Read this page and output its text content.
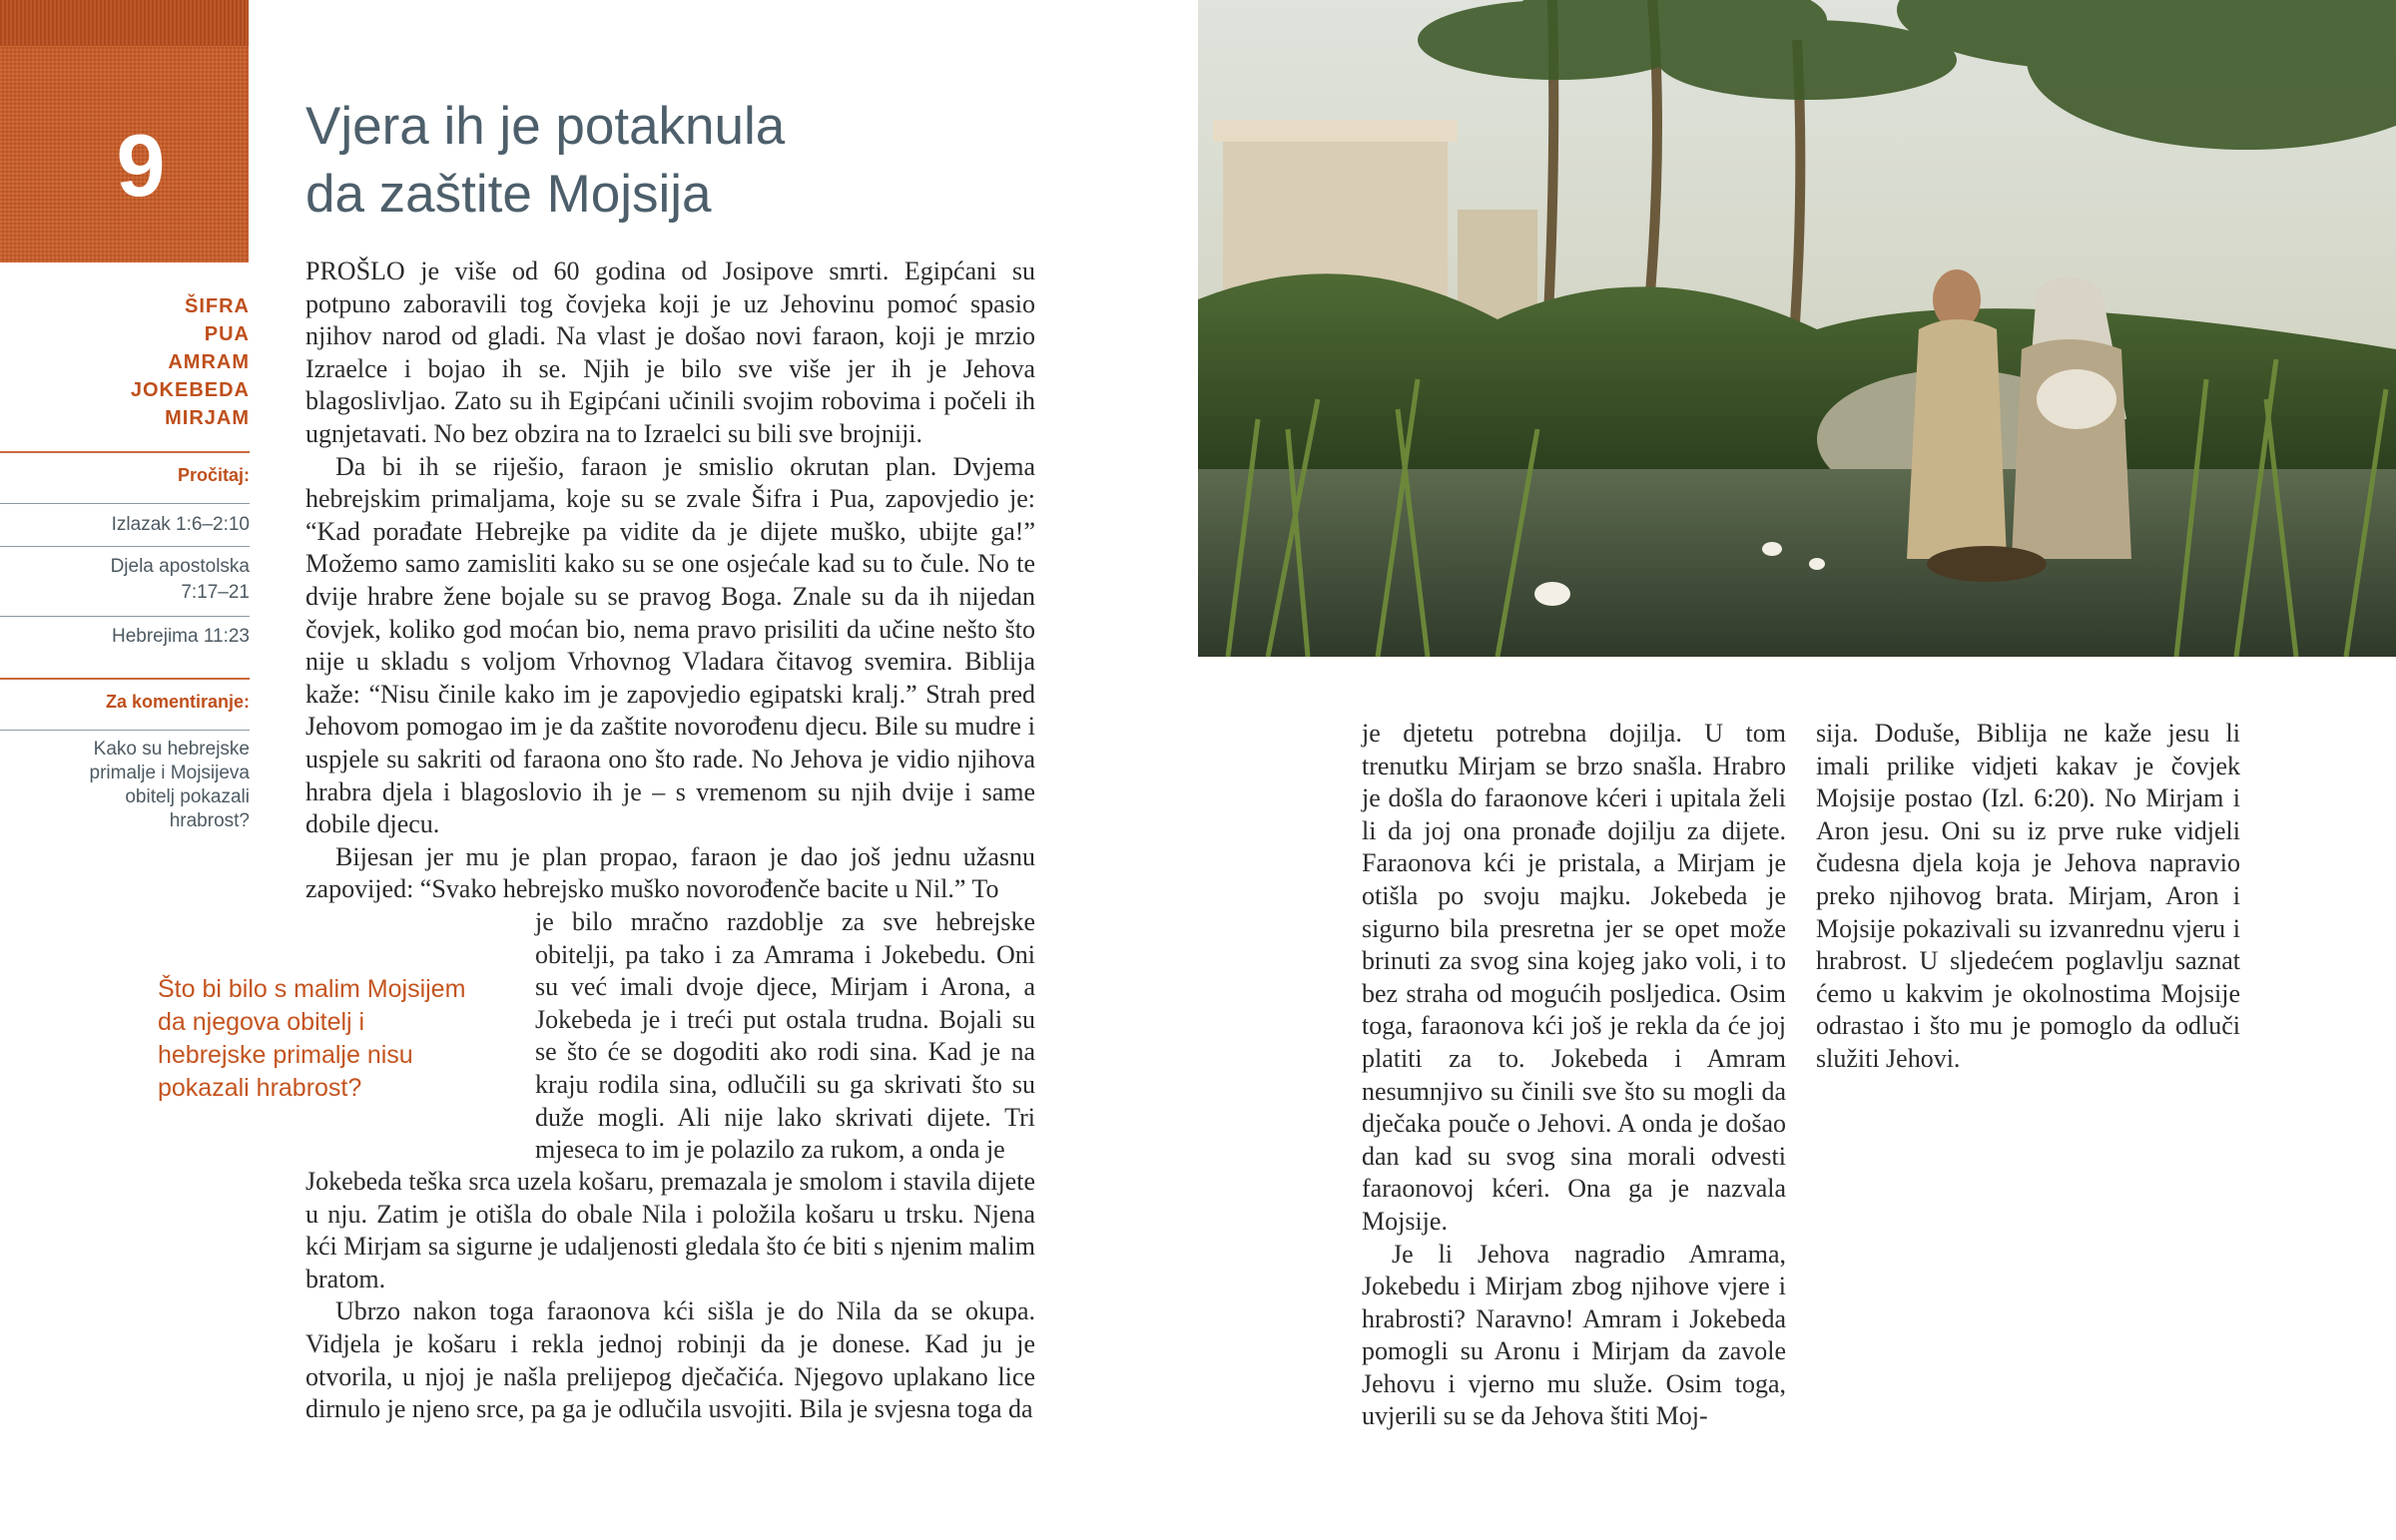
9	Vjera ih je potaknula
da zaštite Mojsija
ŠIFRA
PUA
AMRAM
JOKEBEDA
MIRJAM
Pročitaj:
Izlazak 1:6–2:10
Djela apostolska 7:17–21
Hebrejima 11:23
Za komentiranje:
Kako su hebrejske primalje i Mojsijeva obitelj pokazali hrabrost?
Što bi bilo s malim Mojsijem da njegova obitelj i hebrejske primalje nisu pokazali hrabrost?

PROŠLO je više od 60 godina od Josipove smrti. Egipćani su potpuno zaboravili tog čovjeka koji je uz Jehovinu pomoć spasio njihov narod od gladi. Na vlast je došao novi faraon, koji je mrzio Izraelce i bojao ih se. Njih je bilo sve više jer ih je Jehova blagoslivljao. Zato su ih Egipćani učinili svojim robovima i počeli ih ugnjetavati. No bez obzira na to Izraelci su bili sve brojniji.

Da bi ih se riješio, faraon je smislio okrutan plan. Dvjema hebrejskim primaljama, koje su se zvale Šifra i Pua, zapovjedio je: “Kad porađate Hebrejke pa vidite da je dijete muško, ubijte ga!” Možemo samo zamisliti kako su se one osjećale kad su to čule. No te dvije hrabre žene bojale su se pravog Boga. Znale su da ih nijedan čovjek, koliko god moćan bio, nema pravo prisiliti da učine nešto što nije u skladu s voljom Vrhovnog Vladara čitavog svemira. Biblija kaže: “Nisu činile kako im je zapovjedio egipatski kralj.” Strah pred Jehovom pomogao im je da zaštite novorođenu djecu. Bile su mudre i uspjele su sakriti od faraona ono što rade. No Jehova je vidio njihova hrabra djela i blagoslovio ih je – s vremenom su njih dvije i same dobile djecu.

Bijesan jer mu je plan propao, faraon je dao još jednu užasnu zapovijed: “Svako hebrejsko muško novorođenče bacite u Nil.” To

je bilo mračno razdoblje za sve hebrejske obitelji, pa tako i za Amrama i Jokebedu. Oni su već imali dvoje djece, Mirjam i Arona, a Jokebeda je i treći put ostala trudna. Bojali su se što će se dogoditi ako rodi sina. Kad je na kraju rodila sina, odlučili su ga skrivati što su duže mogli. Ali nije lako skrivati dijete. Tri mjeseca to im je polazilo za rukom, a onda je

Jokebeda teška srca uzela košaru, premazala je smolom i stavila dijete u nju. Zatim je otišla do obale Nila i položila košaru u trsku. Njena kći Mirjam sa sigurne je udaljenosti gledala što će biti s njenim malim bratom.

Ubrzo nakon toga faraonova kći sišla je do Nila da se okupa. Vidjela je košaru i rekla jednoj robinji da je donese. Kad ju je otvorila, u njoj je našla prelijepog dječačića. Njegovo uplakano lice dirnulo je njeno srce, pa ga je odlučila usvojiti. Bila je svjesna toga da

je djetetu potrebna dojilja. U tom trenutku Mirjam se brzo snašla. Hrabro je došla do faraonove kćeri i upitala želi li da joj ona pronađe dojilju za dijete. Faraonova kći je pristala, a Mirjam je otišla po svoju majku. Jokebeda je sigurno bila presretna jer se opet može brinuti za svog sina kojeg jako voli, i to bez straha od mogućih posljedica. Osim toga, faraonova kći još je rekla da će joj platiti za to. Jokebeda i Amram nesumnjivo su činili sve što su mogli da dječaka pouče o Jehovi. A onda je došao dan kad su svog sina morali odvesti faraonovoj kćeri. Ona ga je nazvala Mojsije.

Je li Jehova nagradio Amrama, Jokebedu i Mirjam zbog njihove vjere i hrabrosti? Naravno! Amram i Jokebeda pomogli su Aronu i Mirjam da zavole Jehovu i vjerno mu služe. Osim toga, uvjerili su se da Jehova štiti Moj-

sija. Doduše, Biblija ne kaže jesu li imali prilike vidjeti kakav je čovjek Mojsije postao (Izl. 6:20). No Mirjam i Aron jesu. Oni su iz prve ruke vidjeli čudesna djela koja je Jehova napravio preko njihovog brata. Mirjam, Aron i Mojsije pokazivali su izvanrednu vjeru i hrabrost. U sljedećem poglavlju saznat ćemo u kakvim je okolnostima Mojsije odrastao i što mu je pomoglo da odluči služiti Jehovi.
